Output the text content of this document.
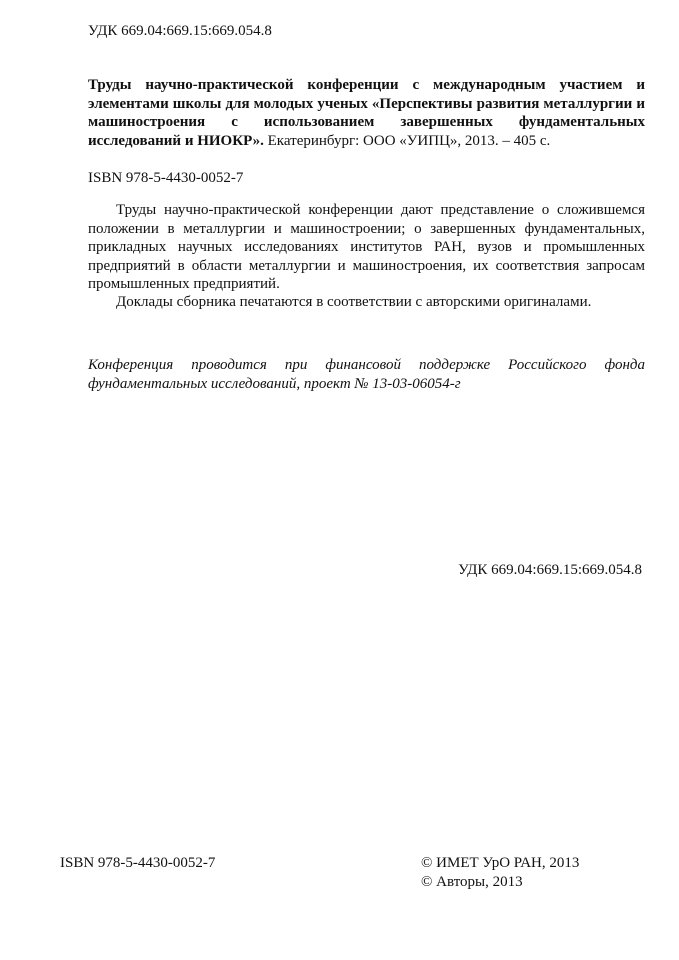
УДК 669.04:669.15:669.054.8
Труды научно-практической конференции с международным участием и элементами школы для молодых ученых «Перспективы развития металлургии и машиностроения с использованием завершенных фундаментальных исследований и НИОКР». Екатеринбург: ООО «УИПЦ», 2013. – 405 с.
ISBN 978-5-4430-0052-7

Труды научно-практической конференции дают представление о сложившемся положении в металлургии и машиностроении; о завершенных фундаментальных, прикладных научных исследованиях институтов РАН, вузов и промышленных предприятий в области металлургии и машиностроения, их соответствия запросам промышленных предприятий.

Доклады сборника печатаются в соответствии с авторскими оригиналами.

Конференция проводится при финансовой поддержке Российского фонда фундаментальных исследований, проект № 13-03-06054-г

УДК 669.04:669.15:669.054.8
ISBN 978-5-4430-0052-7	© ИМЕТ УрО РАН, 2013
© Авторы, 2013
